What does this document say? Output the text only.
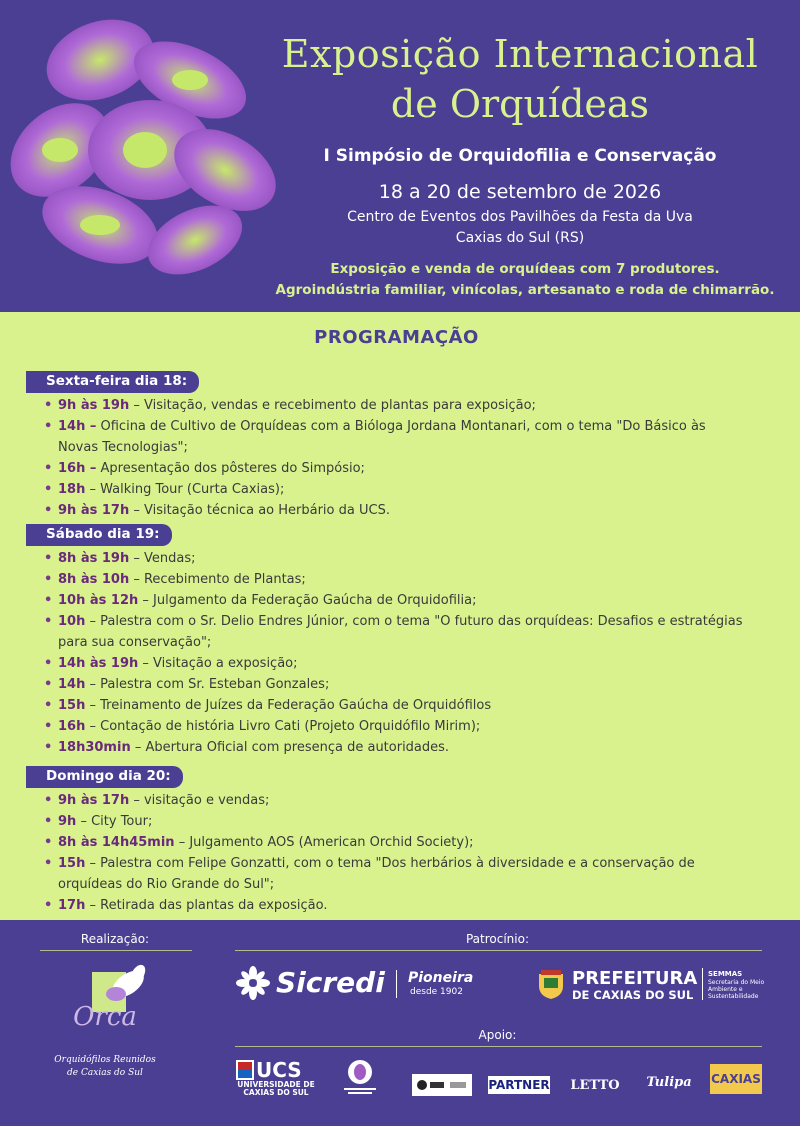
Exposição Internacional
de Orquídeas
I Simpósio de Orquidofilia e Conservação
18 a 20 de setembro de 2026
Centro de Eventos dos Pavilhões da Festa da Uva
Caxias do Sul (RS)
Exposição e venda de orquídeas com 7 produtores.
Agroindústria familiar, vinícolas, artesanato e roda de chimarrão.
PROGRAMAÇÃO
Sexta-feira dia 18:
• 9h às 19h – Visitação, vendas e recebimento de plantas para exposição;
• 14h – Oficina de Cultivo de Orquídeas com a Bióloga Jordana Montanari, com o tema "Do Básico às
Novas Tecnologias";
• 16h – Apresentação dos pôsteres do Simpósio;
• 18h – Walking Tour (Curta Caxias);
• 9h às 17h – Visitação técnica ao Herbário da UCS.
Sábado dia 19:
• 8h às 19h – Vendas;
• 8h às 10h – Recebimento de Plantas;
• 10h às 12h – Julgamento da Federação Gaúcha de Orquidofilia;
• 10h – Palestra com o Sr. Delio Endres Júnior, com o tema "O futuro das orquídeas: Desafios e estratégias
para sua conservação";
• 14h às 19h – Visitação a exposição;
• 14h – Palestra com Sr. Esteban Gonzales;
• 15h – Treinamento de Juízes da Federação Gaúcha de Orquidófilos
• 16h – Contação de história Livro Cati (Projeto Orquidófilo Mirim);
• 18h30min – Abertura Oficial com presença de autoridades.
Domingo dia 20:
• 9h às 17h – visitação e vendas;
• 9h – City Tour;
• 8h às 14h45min – Julgamento AOS (American Orchid Society);
• 15h – Palestra com Felipe Gonzatti, com o tema "Dos herbários à diversidade e a conservação de
orquídeas do Rio Grande do Sul";
• 17h – Retirada das plantas da exposição.
Realização:	Patrocínio:
Orca
Orquidófilos Reunidos
de Caxias do Sul
Sicredi Pioneira
desde 1902
PREFEITURA
DE CAXIAS DO SUL
SEMMAS
Secretaria do Meio Ambiente e Sustentabilidade
Apoio:
UCS
UNIVERSIDADE DE CAXIAS DO SUL
PARTNER	LETTO	Tulipa CAXIAS
